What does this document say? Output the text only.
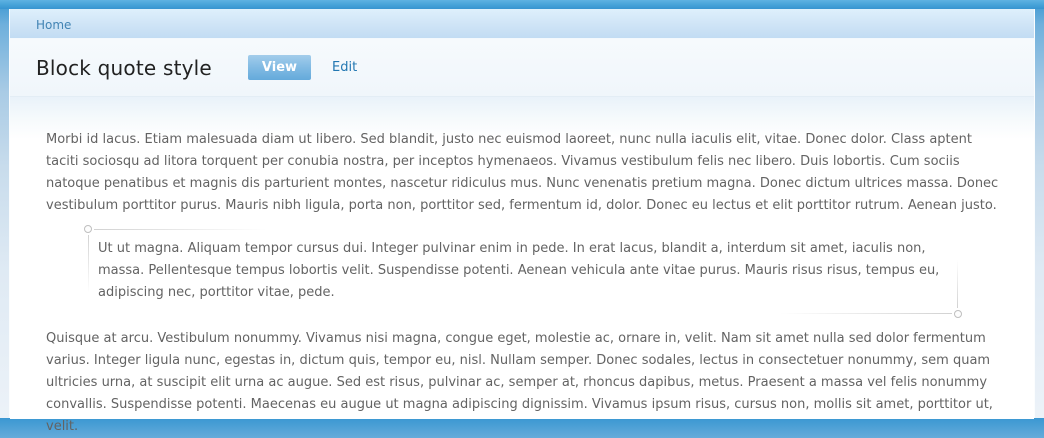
Home
Block quote style	View	Edit

Morbi id lacus. Etiam malesuada diam ut libero. Sed blandit, justo nec euismod laoreet, nunc nulla iaculis elit, vitae. Donec dolor. Class aptent taciti sociosqu ad litora torquent per conubia nostra, per inceptos hymenaeos. Vivamus vestibulum felis nec libero. Duis lobortis. Cum sociis natoque penatibus et magnis dis parturient montes, nascetur ridiculus mus. Nunc venenatis pretium magna. Donec dictum ultrices massa. Donec vestibulum porttitor purus. Mauris nibh ligula, porta non, porttitor sed, fermentum id, dolor. Donec eu lectus et elit porttitor rutrum. Aenean justo.

Ut ut magna. Aliquam tempor cursus dui. Integer pulvinar enim in pede. In erat lacus, blandit a, interdum sit amet, iaculis non, massa. Pellentesque tempus lobortis velit. Suspendisse potenti. Aenean vehicula ante vitae purus. Mauris risus risus, tempus eu, adipiscing nec, porttitor vitae, pede.

Quisque at arcu. Vestibulum nonummy. Vivamus nisi magna, congue eget, molestie ac, ornare in, velit. Nam sit amet nulla sed dolor fermentum varius. Integer ligula nunc, egestas in, dictum quis, tempor eu, nisl. Nullam semper. Donec sodales, lectus in consectetuer nonummy, sem quam ultricies urna, at suscipit elit urna ac augue. Sed est risus, pulvinar ac, semper at, rhoncus dapibus, metus. Praesent a massa vel felis nonummy convallis. Suspendisse potenti. Maecenas eu augue ut magna adipiscing dignissim. Vivamus ipsum risus, cursus non, mollis sit amet, porttitor ut, velit.
